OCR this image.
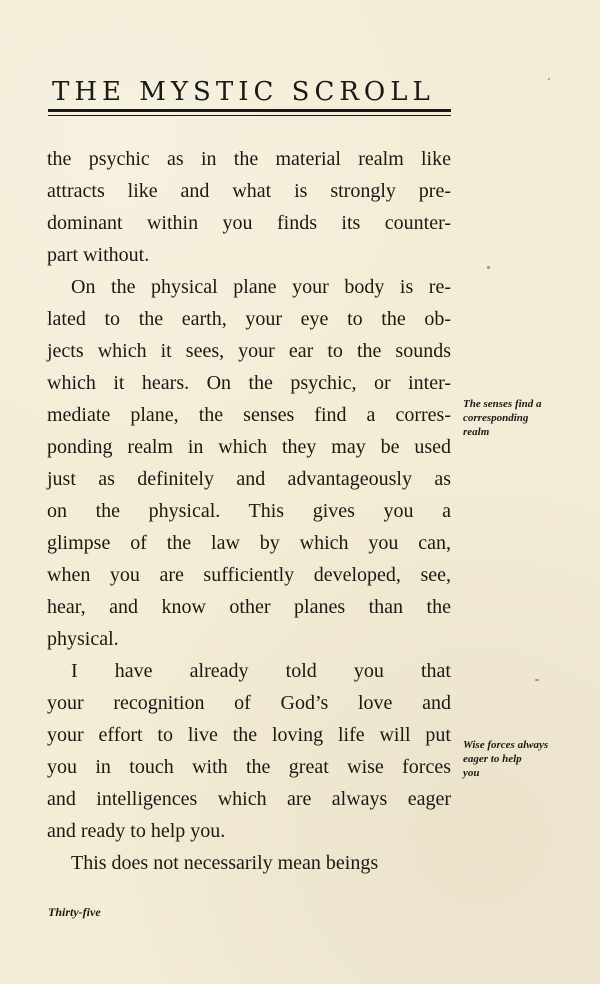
THE MYSTIC SCROLL
the psychic as in the material realm like
attracts like and what is strongly pre-
dominant within you finds its counter-
part without.
On the physical plane your body is re-
lated to the earth, your eye to the ob-
jects which it sees, your ear to the sounds
which it hears. On the psychic, or inter-
mediate plane, the senses find a corres-
ponding realm in which they may be used
just as definitely and advantageously as
on the physical. This gives you a
glimpse of the law by which you can,
when you are sufficiently developed, see,
hear, and know other planes than the
physical.
I have already told you that
your recognition of God’s love and
your effort to live the loving life will put
you in touch with the great wise forces
and intelligences which are always eager
and ready to help you.
This does not necessarily mean beings
The senses find a
corresponding
realm
Wise forces always
eager to help
you
Thirty-five
